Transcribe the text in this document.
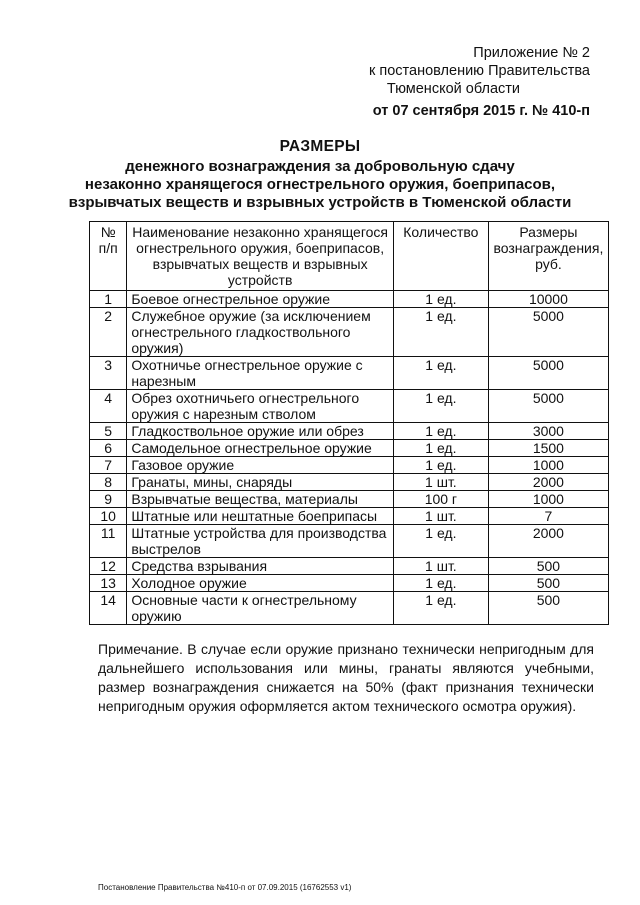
Приложение № 2
к постановлению Правительства
Тюменской области
от 07 сентября 2015 г. № 410-п
РАЗМЕРЫ
денежного вознаграждения за добровольную сдачу
незаконно хранящегося огнестрельного оружия, боеприпасов,
взрывчатых веществ и взрывных устройств в Тюменской области
№ п/п	Наименование незаконно хранящегося огнестрельного оружия, боеприпасов, взрывчатых веществ и взрывных устройств	Количество	Размеры вознаграждения, руб.
1	Боевое огнестрельное оружие	1 ед.	10000
2	Служебное оружие (за исключением огнестрельного гладкоствольного оружия)	1 ед.	5000
3	Охотничье огнестрельное оружие с нарезным	1 ед.	5000
4	Обрез охотничьего огнестрельного оружия с нарезным стволом	1 ед.	5000
5	Гладкоствольное оружие или обрез	1 ед.	3000
6	Самодельное огнестрельное оружие	1 ед.	1500
7	Газовое оружие	1 ед.	1000
8	Гранаты, мины, снаряды	1 шт.	2000
9	Взрывчатые вещества, материалы	100 г	1000
10	Штатные или нештатные боеприпасы	1 шт.	7
11	Штатные устройства для производства выстрелов	1 ед.	2000
12	Средства взрывания	1 шт.	500
13	Холодное оружие	1 ед.	500
14	Основные части к огнестрельному оружию	1 ед.	500
Примечание. В случае если оружие признано технически непригодным для дальнейшего использования или мины, гранаты являются учебными, размер вознаграждения снижается на 50% (факт признания технически непригодным оружия оформляется актом технического осмотра оружия).
Постановление Правительства №410-п от 07.09.2015 (16762553 v1)
